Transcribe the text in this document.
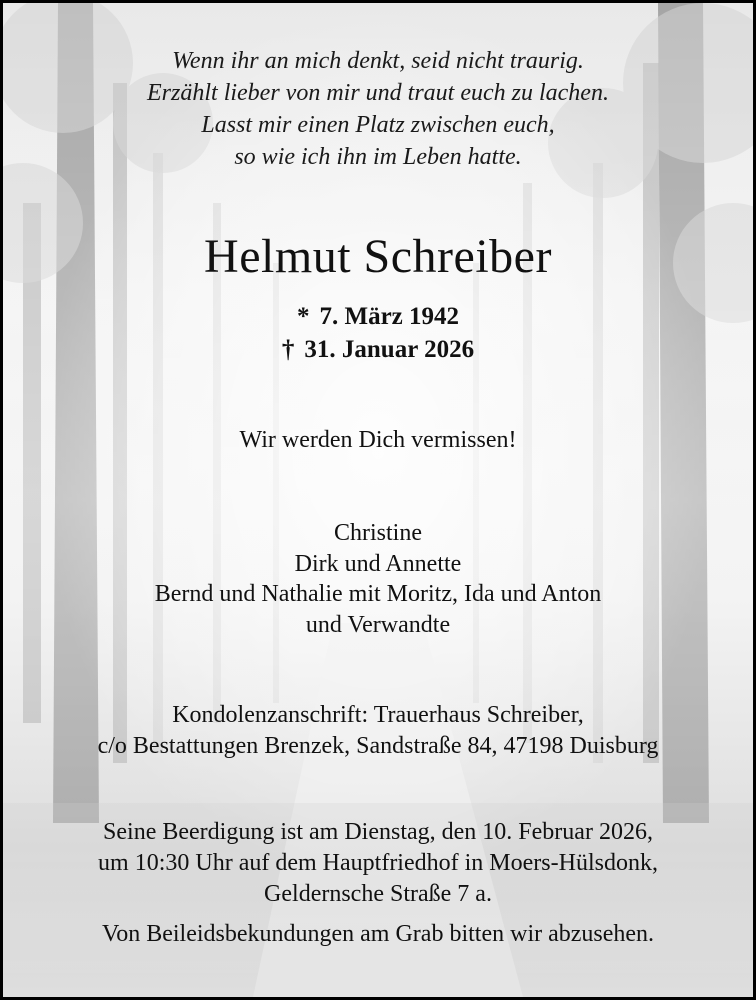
Wenn ihr an mich denkt, seid nicht traurig.
Erzählt lieber von mir und traut euch zu lachen.
Lasst mir einen Platz zwischen euch,
so wie ich ihn im Leben hatte.
Helmut Schreiber
* 7. März 1942
† 31. Januar 2026
Wir werden Dich vermissen!
Christine
Dirk und Annette
Bernd und Nathalie mit Moritz, Ida und Anton
und Verwandte
Kondolenzanschrift: Trauerhaus Schreiber,
c/o Bestattungen Brenzek, Sandstraße 84, 47198 Duisburg
Seine Beerdigung ist am Dienstag, den 10. Februar 2026,
um 10:30 Uhr auf dem Hauptfriedhof in Moers-Hülsdonk,
Geldernsche Straße 7 a.
Von Beileidsbekundungen am Grab bitten wir abzusehen.
